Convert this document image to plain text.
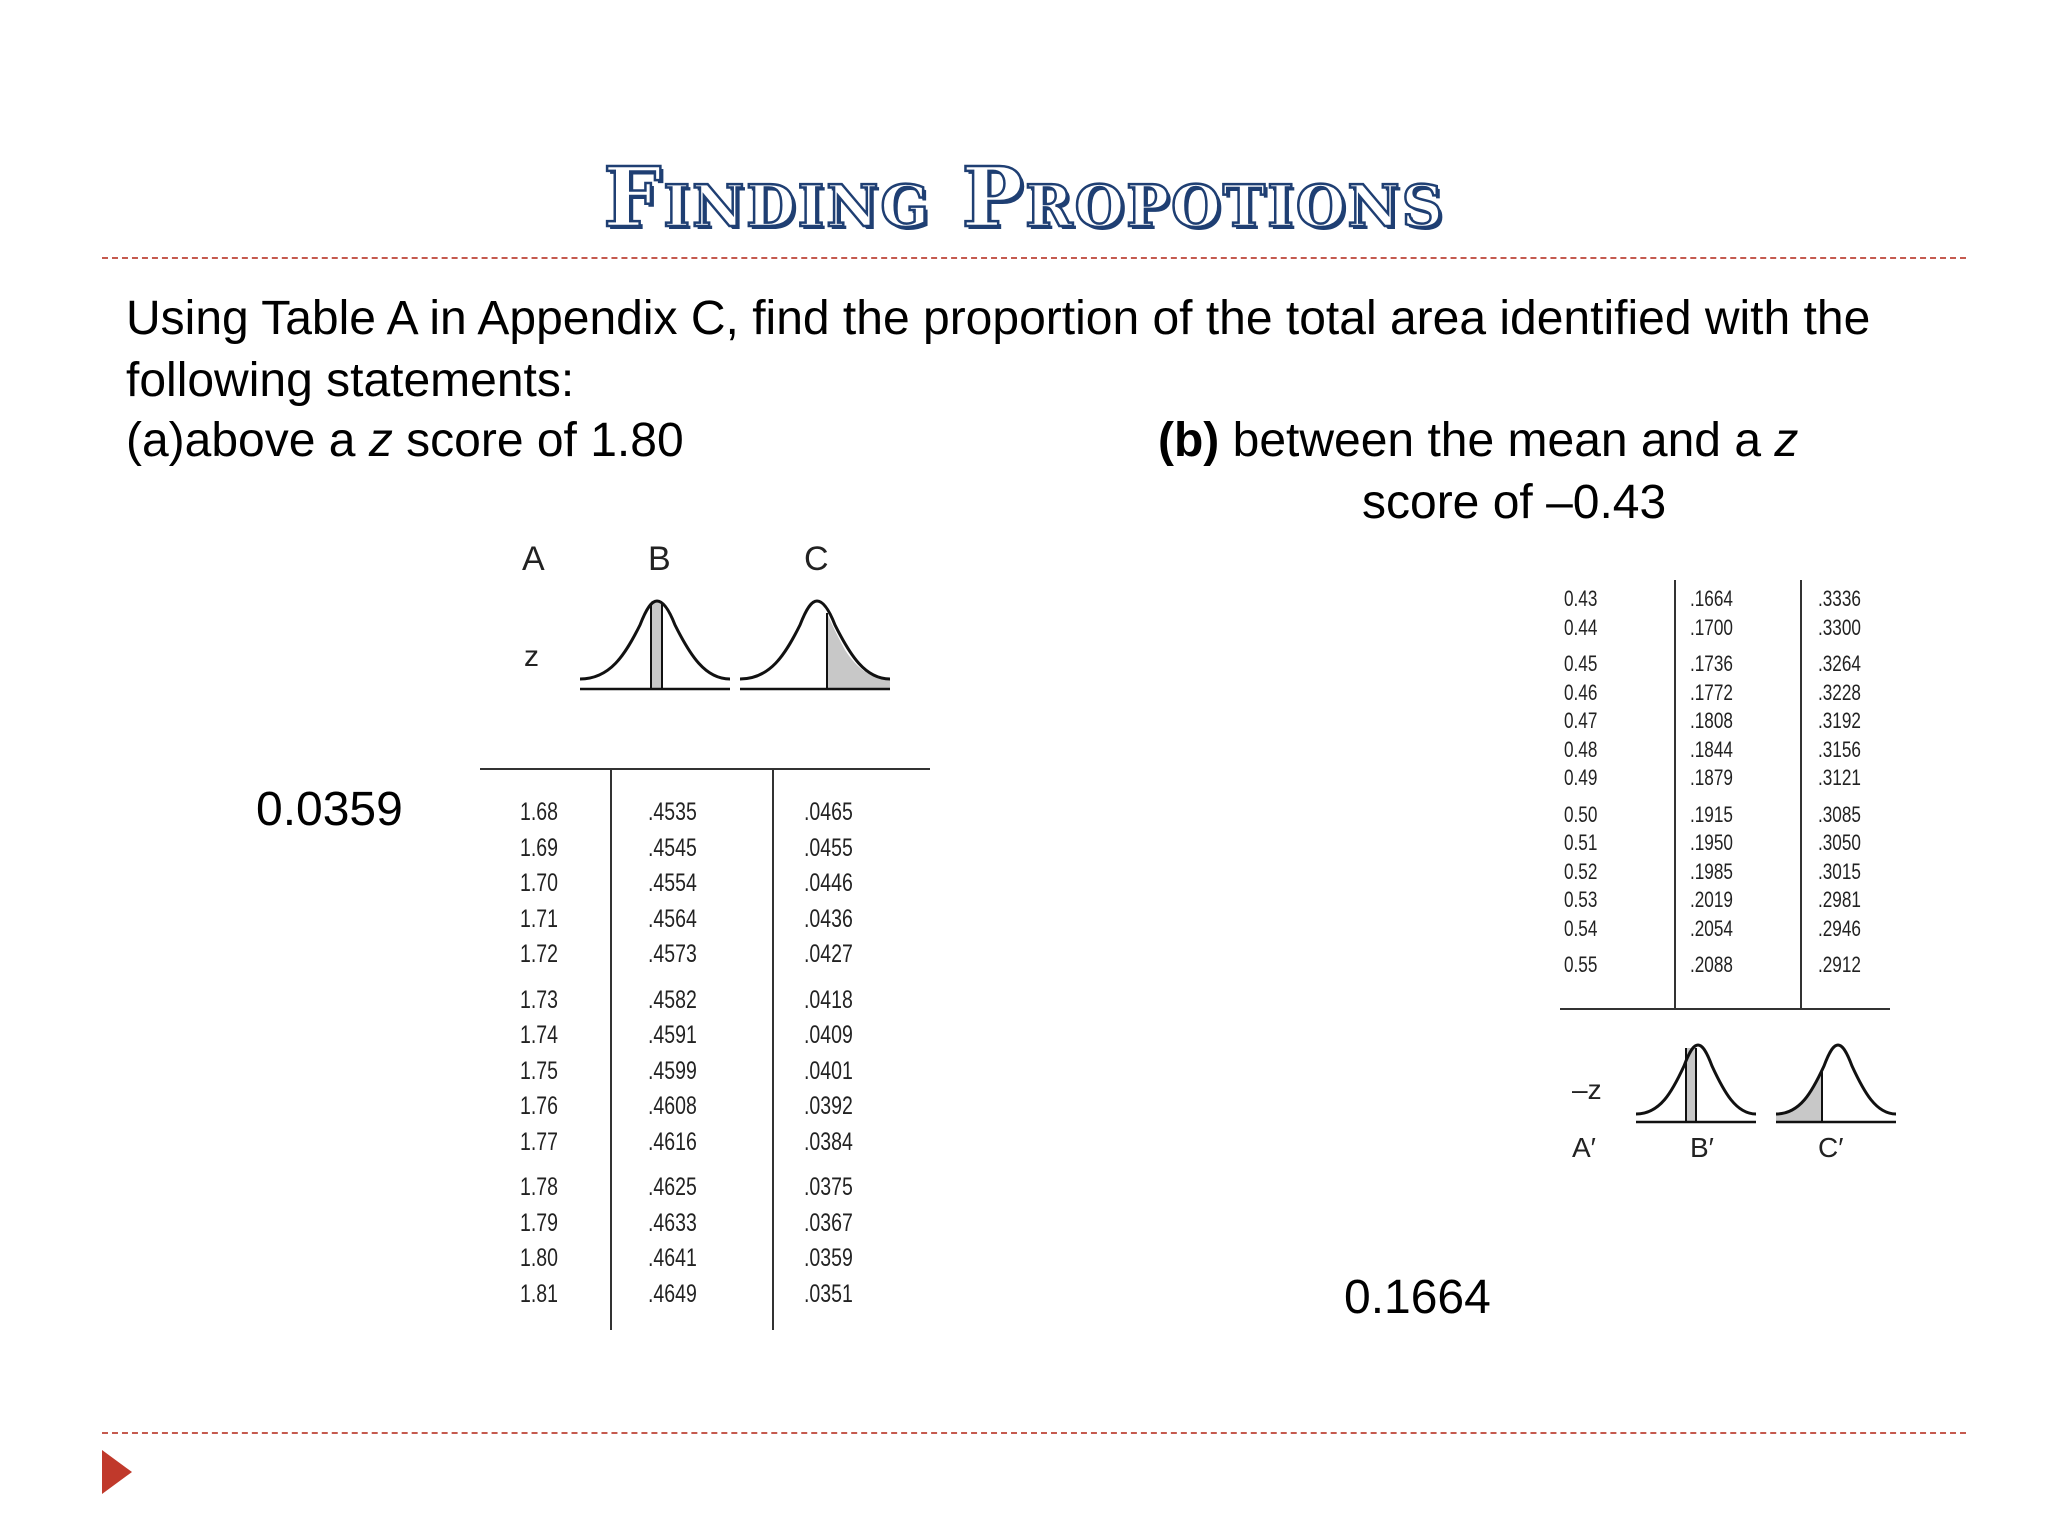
Finding Propotions
Using Table A in Appendix C, find the proportion of the total area identified with the following statements:
(a)above a z score of 1.80	(b) between the mean and a z
score of –0.43
0.0359
0.1664
A	B	C
z
1.68	.4535	.0465
1.69	.4545	.0455
1.70	.4554	.0446
1.71	.4564	.0436
1.72	.4573	.0427
1.73	.4582	.0418
1.74	.4591	.0409
1.75	.4599	.0401
1.76	.4608	.0392
1.77	.4616	.0384
1.78	.4625	.0375
1.79	.4633	.0367
1.80	.4641	.0359
1.81	.4649	.0351
0.43	.1664	.3336
0.44	.1700	.3300
0.45	.1736	.3264
0.46	.1772	.3228
0.47	.1808	.3192
0.48	.1844	.3156
0.49	.1879	.3121
0.50	.1915	.3085
0.51	.1950	.3050
0.52	.1985	.3015
0.53	.2019	.2981
0.54	.2054	.2946
0.55	.2088	.2912
–z
A′	B′	C′
